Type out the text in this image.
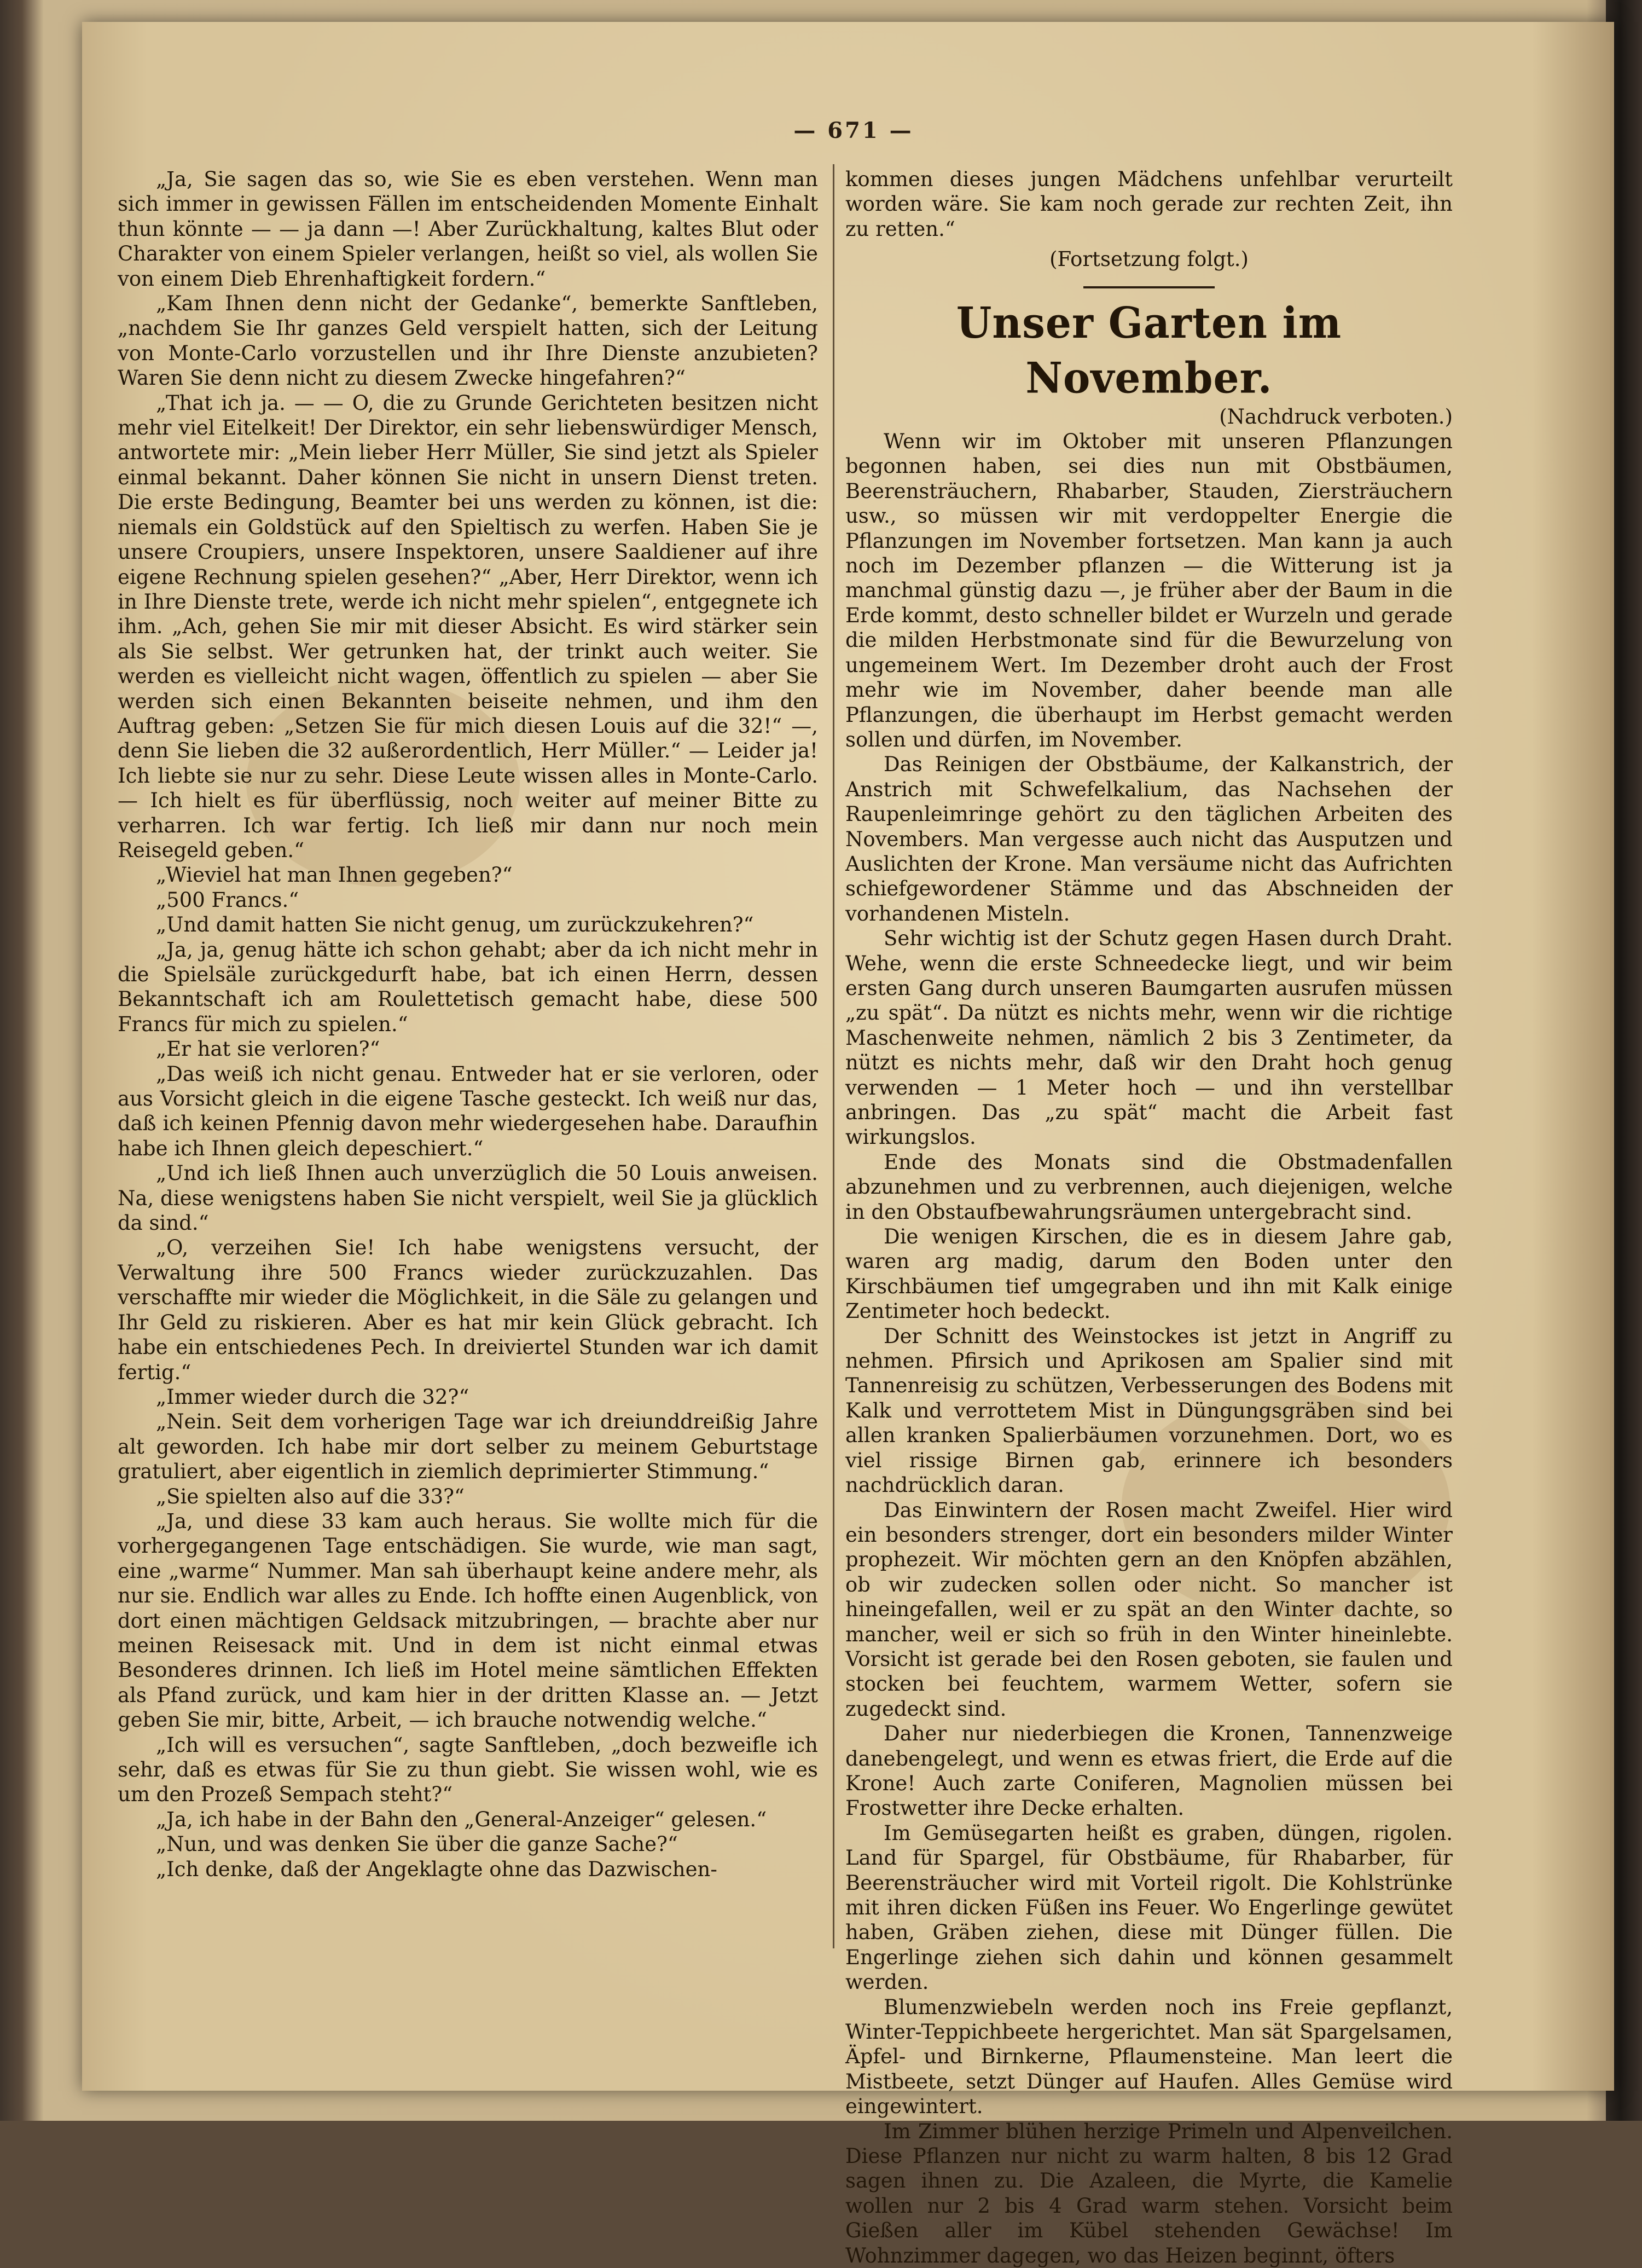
— 671 —

„Ja, Sie sagen das so, wie Sie es eben verstehen. Wenn man sich immer in gewissen Fällen im entscheidenden Momente Einhalt thun könnte — — ja dann —! Aber Zurückhaltung, kaltes Blut oder Charakter von einem Spieler verlangen, heißt so viel, als wollen Sie von einem Dieb Ehrenhaftigkeit fordern.“

„Kam Ihnen denn nicht der Gedanke“, bemerkte Sanftleben, „nachdem Sie Ihr ganzes Geld verspielt hatten, sich der Leitung von Monte-Carlo vorzustellen und ihr Ihre Dienste anzubieten? Waren Sie denn nicht zu diesem Zwecke hingefahren?“

„That ich ja. — — O, die zu Grunde Gerichteten besitzen nicht mehr viel Eitelkeit! Der Direktor, ein sehr liebenswürdiger Mensch, antwortete mir: „Mein lieber Herr Müller, Sie sind jetzt als Spieler einmal bekannt. Daher können Sie nicht in unsern Dienst treten. Die erste Bedingung, Beamter bei uns werden zu können, ist die: niemals ein Goldstück auf den Spieltisch zu werfen. Haben Sie je unsere Croupiers, unsere Inspektoren, unsere Saaldiener auf ihre eigene Rechnung spielen gesehen?“ „Aber, Herr Direktor, wenn ich in Ihre Dienste trete, werde ich nicht mehr spielen“, entgegnete ich ihm. „Ach, gehen Sie mir mit dieser Absicht. Es wird stärker sein als Sie selbst. Wer getrunken hat, der trinkt auch weiter. Sie werden es vielleicht nicht wagen, öffentlich zu spielen — aber Sie werden sich einen Bekannten beiseite nehmen, und ihm den Auftrag geben: „Setzen Sie für mich diesen Louis auf die 32!“ —, denn Sie lieben die 32 außerordentlich, Herr Müller.“ — Leider ja! Ich liebte sie nur zu sehr. Diese Leute wissen alles in Monte-Carlo. — Ich hielt es für überflüssig, noch weiter auf meiner Bitte zu verharren. Ich war fertig. Ich ließ mir dann nur noch mein Reisegeld geben.“

„Wieviel hat man Ihnen gegeben?“

„500 Francs.“

„Und damit hatten Sie nicht genug, um zurückzukehren?“

„Ja, ja, genug hätte ich schon gehabt; aber da ich nicht mehr in die Spielsäle zurückgedurft habe, bat ich einen Herrn, dessen Bekanntschaft ich am Roulettetisch gemacht habe, diese 500 Francs für mich zu spielen.“

„Er hat sie verloren?“

„Das weiß ich nicht genau. Entweder hat er sie verloren, oder aus Vorsicht gleich in die eigene Tasche gesteckt. Ich weiß nur das, daß ich keinen Pfennig davon mehr wiedergesehen habe. Daraufhin habe ich Ihnen gleich depeschiert.“

„Und ich ließ Ihnen auch unverzüglich die 50 Louis anweisen. Na, diese wenigstens haben Sie nicht verspielt, weil Sie ja glücklich da sind.“

„O, verzeihen Sie! Ich habe wenigstens versucht, der Verwaltung ihre 500 Francs wieder zurückzuzahlen. Das verschaffte mir wieder die Möglichkeit, in die Säle zu gelangen und Ihr Geld zu riskieren. Aber es hat mir kein Glück gebracht. Ich habe ein entschiedenes Pech. In dreiviertel Stunden war ich damit fertig.“

„Immer wieder durch die 32?“

„Nein. Seit dem vorherigen Tage war ich dreiunddreißig Jahre alt geworden. Ich habe mir dort selber zu meinem Geburtstage gratuliert, aber eigentlich in ziemlich deprimierter Stimmung.“

„Sie spielten also auf die 33?“

„Ja, und diese 33 kam auch heraus. Sie wollte mich für die vorhergegangenen Tage entschädigen. Sie wurde, wie man sagt, eine „warme“ Nummer. Man sah überhaupt keine andere mehr, als nur sie. Endlich war alles zu Ende. Ich hoffte einen Augenblick, von dort einen mächtigen Geldsack mitzubringen, — brachte aber nur meinen Reisesack mit. Und in dem ist nicht einmal etwas Besonderes drinnen. Ich ließ im Hotel meine sämtlichen Effekten als Pfand zurück, und kam hier in der dritten Klasse an. — Jetzt geben Sie mir, bitte, Arbeit, — ich brauche notwendig welche.“

„Ich will es versuchen“, sagte Sanftleben, „doch bezweifle ich sehr, daß es etwas für Sie zu thun giebt. Sie wissen wohl, wie es um den Prozeß Sempach steht?“

„Ja, ich habe in der Bahn den „General-Anzeiger“ gelesen.“

„Nun, und was denken Sie über die ganze Sache?“

„Ich denke, daß der Angeklagte ohne das Dazwischen-

kommen dieses jungen Mädchens unfehlbar verurteilt worden wäre. Sie kam noch gerade zur rechten Zeit, ihn zu retten.“

(Fortsetzung folgt.)

Unser Garten im November.

(Nachdruck verboten.)

Wenn wir im Oktober mit unseren Pflanzungen begonnen haben, sei dies nun mit Obstbäumen, Beerensträuchern, Rhabarber, Stauden, Ziersträuchern usw., so müssen wir mit verdoppelter Energie die Pflanzungen im November fortsetzen. Man kann ja auch noch im Dezember pflanzen — die Witterung ist ja manchmal günstig dazu —, je früher aber der Baum in die Erde kommt, desto schneller bildet er Wurzeln und gerade die milden Herbstmonate sind für die Bewurzelung von ungemeinem Wert. Im Dezember droht auch der Frost mehr wie im November, daher beende man alle Pflanzungen, die überhaupt im Herbst gemacht werden sollen und dürfen, im November.

Das Reinigen der Obstbäume, der Kalkanstrich, der Anstrich mit Schwefelkalium, das Nachsehen der Raupenleimringe gehört zu den täglichen Arbeiten des Novembers. Man vergesse auch nicht das Ausputzen und Auslichten der Krone. Man versäume nicht das Aufrichten schiefgewordener Stämme und das Abschneiden der vorhandenen Misteln.

Sehr wichtig ist der Schutz gegen Hasen durch Draht. Wehe, wenn die erste Schneedecke liegt, und wir beim ersten Gang durch unseren Baumgarten ausrufen müssen „zu spät“. Da nützt es nichts mehr, wenn wir die richtige Maschenweite nehmen, nämlich 2 bis 3 Zentimeter, da nützt es nichts mehr, daß wir den Draht hoch genug verwenden — 1 Meter hoch — und ihn verstellbar anbringen. Das „zu spät“ macht die Arbeit fast wirkungslos.

Ende des Monats sind die Obstmadenfallen abzunehmen und zu verbrennen, auch diejenigen, welche in den Obstaufbewahrungsräumen untergebracht sind.

Die wenigen Kirschen, die es in diesem Jahre gab, waren arg madig, darum den Boden unter den Kirschbäumen tief umgegraben und ihn mit Kalk einige Zentimeter hoch bedeckt.

Der Schnitt des Weinstockes ist jetzt in Angriff zu nehmen. Pfirsich und Aprikosen am Spalier sind mit Tannenreisig zu schützen, Verbesserungen des Bodens mit Kalk und verrottetem Mist in Düngungsgräben sind bei allen kranken Spalierbäumen vorzunehmen. Dort, wo es viel rissige Birnen gab, erinnere ich besonders nachdrücklich daran.

Das Einwintern der Rosen macht Zweifel. Hier wird ein besonders strenger, dort ein besonders milder Winter prophezeit. Wir möchten gern an den Knöpfen abzählen, ob wir zudecken sollen oder nicht. So mancher ist hineingefallen, weil er zu spät an den Winter dachte, so mancher, weil er sich so früh in den Winter hineinlebte. Vorsicht ist gerade bei den Rosen geboten, sie faulen und stocken bei feuchtem, warmem Wetter, sofern sie zugedeckt sind.

Daher nur niederbiegen die Kronen, Tannenzweige danebengelegt, und wenn es etwas friert, die Erde auf die Krone! Auch zarte Coniferen, Magnolien müssen bei Frostwetter ihre Decke erhalten.

Im Gemüsegarten heißt es graben, düngen, rigolen. Land für Spargel, für Obstbäume, für Rhabarber, für Beerensträucher wird mit Vorteil rigolt. Die Kohlstrünke mit ihren dicken Füßen ins Feuer. Wo Engerlinge gewütet haben, Gräben ziehen, diese mit Dünger füllen. Die Engerlinge ziehen sich dahin und können gesammelt werden.

Blumenzwiebeln werden noch ins Freie gepflanzt, Winter-Teppichbeete hergerichtet. Man sät Spargelsamen, Äpfel- und Birnkerne, Pflaumensteine. Man leert die Mistbeete, setzt Dünger auf Haufen. Alles Gemüse wird eingewintert.

Im Zimmer blühen herzige Primeln und Alpenveilchen. Diese Pflanzen nur nicht zu warm halten, 8 bis 12 Grad sagen ihnen zu. Die Azaleen, die Myrte, die Kamelie wollen nur 2 bis 4 Grad warm stehen. Vorsicht beim Gießen aller im Kübel stehenden Gewächse! Im Wohnzimmer dagegen, wo das Heizen beginnt, öfters
